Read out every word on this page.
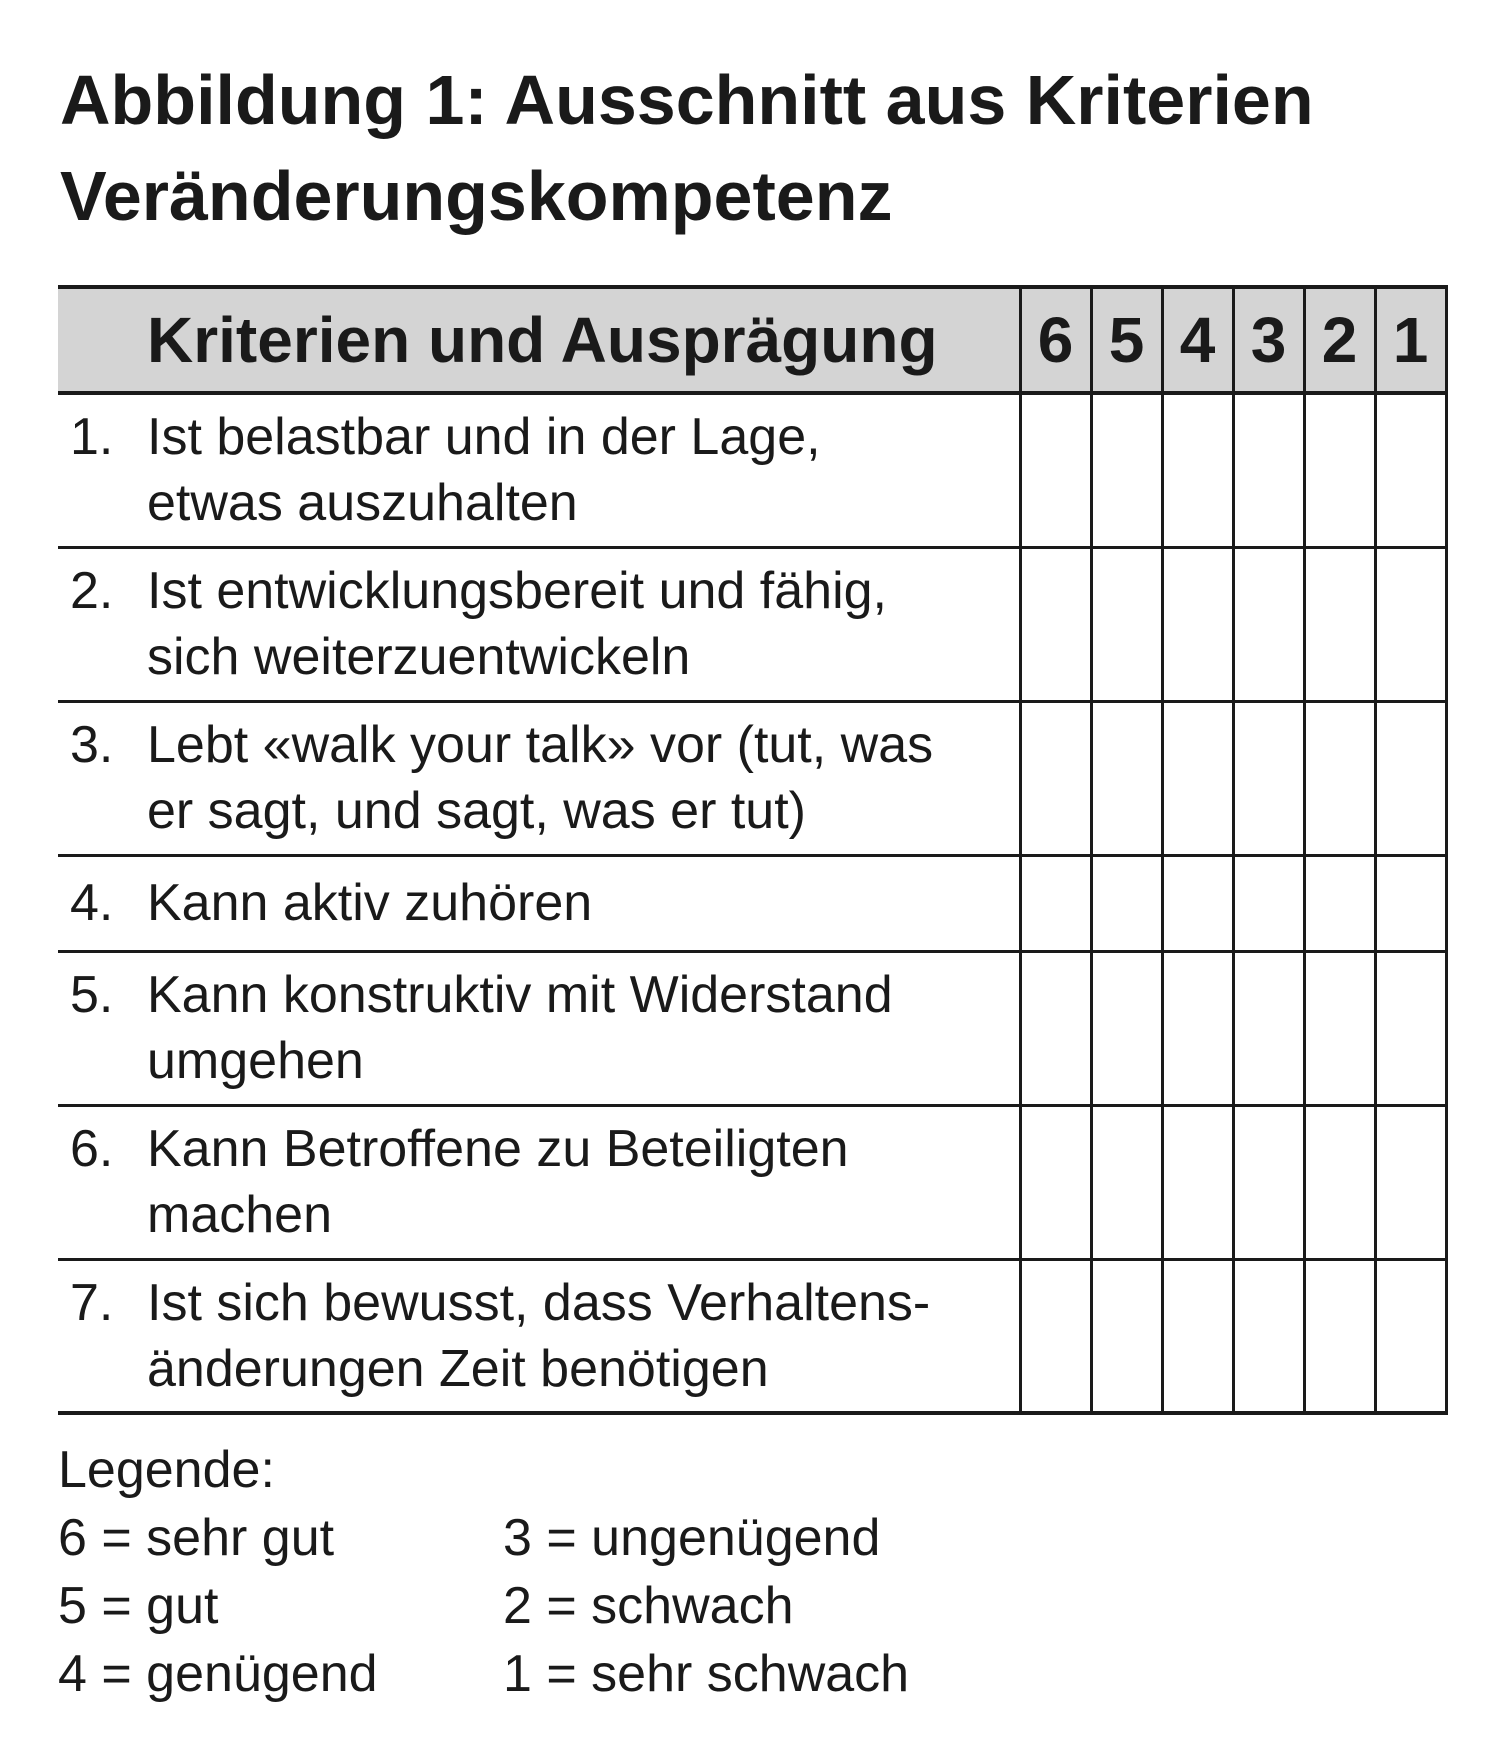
Abbildung 1: Ausschnitt aus Kriterien
Veränderungskompetenz
Kriterien und Ausprägung	6	5	4	3	2	1

1. Ist belastbar und in der Lage,
etwas auszuhalten						

2. Ist entwicklungsbereit und fähig,
sich weiterzuentwickeln						

3. Lebt «walk your talk» vor (tut, was
er sagt, und sagt, was er tut)						

4. Kann aktiv zuhören						

5. Kann konstruktiv mit Widerstand
umgehen						

6. Kann Betroffene zu Beteiligten
machen						

7. Ist sich bewusst, dass Verhaltens-
änderungen Zeit benötigen						

Legende:
6 = sehr gut
5 = gut
4 = genügend
3 = ungenügend
2 = schwach
1 = sehr schwach
